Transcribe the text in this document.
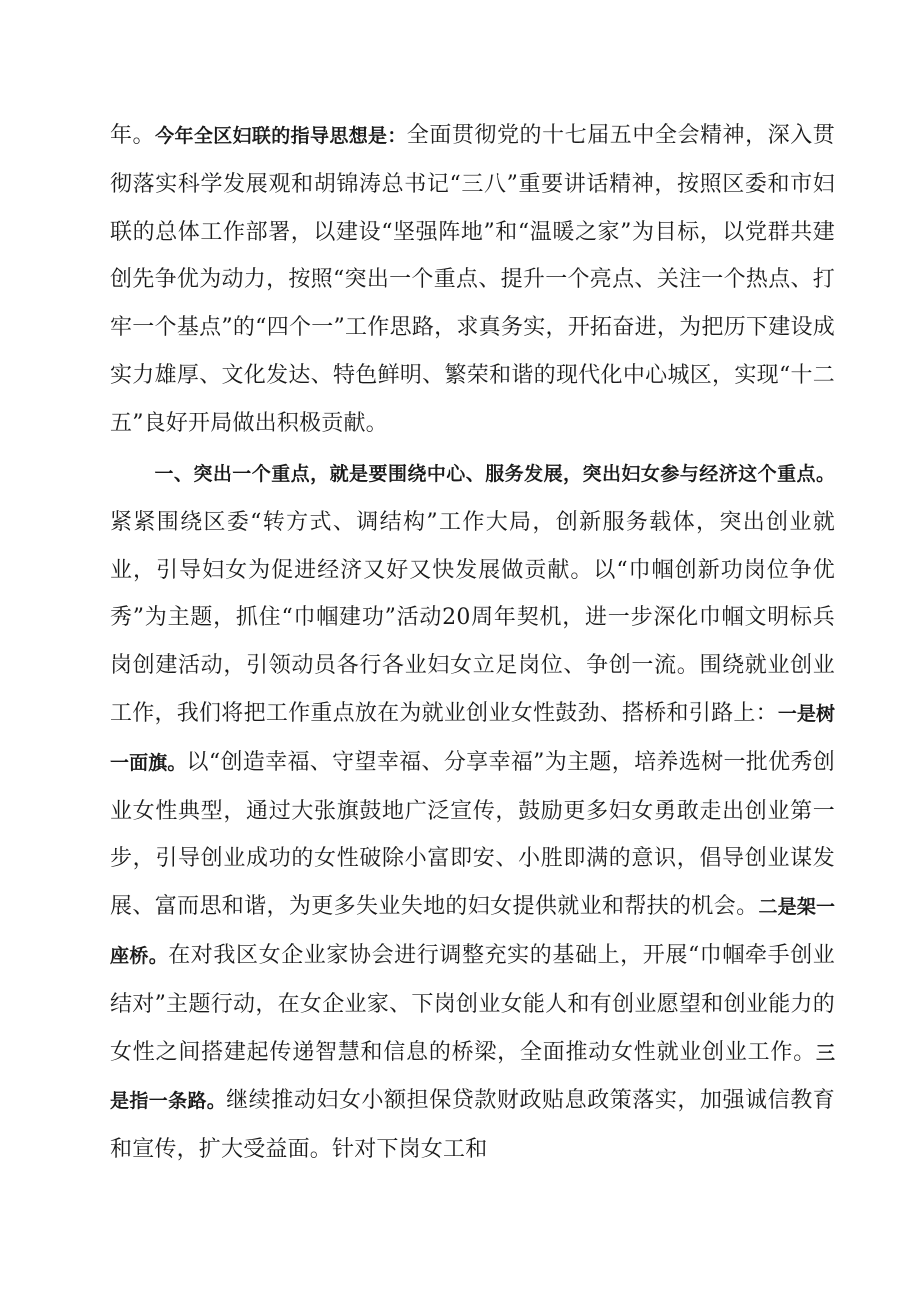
年。今年全区妇联的指导思想是：全面贯彻党的十七届五中全会精神，深入贯彻落实科学发展观和胡锦涛总书记“三八”重要讲话精神，按照区委和市妇联的总体工作部署，以建设“坚强阵地”和“温暖之家”为目标，以党群共建创先争优为动力，按照“突出一个重点、提升一个亮点、关注一个热点、打牢一个基点”的“四个一”工作思路，求真务实，开拓奋进，为把历下建设成实力雄厚、文化发达、特色鲜明、繁荣和谐的现代化中心城区，实现“十二五”良好开局做出积极贡献。

一、突出一个重点，就是要围绕中心、服务发展，突出妇女参与经济这个重点。紧紧围绕区委“转方式、调结构”工作大局，创新服务载体，突出创业就业，引导妇女为促进经济又好又快发展做贡献。以“巾帼创新功岗位争优秀”为主题，抓住“巾帼建功”活动20周年契机，进一步深化巾帼文明标兵岗创建活动，引领动员各行各业妇女立足岗位、争创一流。围绕就业创业工作，我们将把工作重点放在为就业创业女性鼓劲、搭桥和引路上：一是树一面旗。以“创造幸福、守望幸福、分享幸福”为主题，培养选树一批优秀创业女性典型，通过大张旗鼓地广泛宣传，鼓励更多妇女勇敢走出创业第一步，引导创业成功的女性破除小富即安、小胜即满的意识，倡导创业谋发展、富而思和谐，为更多失业失地的妇女提供就业和帮扶的机会。二是架一座桥。在对我区女企业家协会进行调整充实的基础上，开展“巾帼牵手创业结对”主题行动，在女企业家、下岗创业女能人和有创业愿望和创业能力的女性之间搭建起传递智慧和信息的桥梁，全面推动女性就业创业工作。三是指一条路。继续推动妇女小额担保贷款财政贴息政策落实，加强诚信教育和宣传，扩大受益面。针对下岗女工和
